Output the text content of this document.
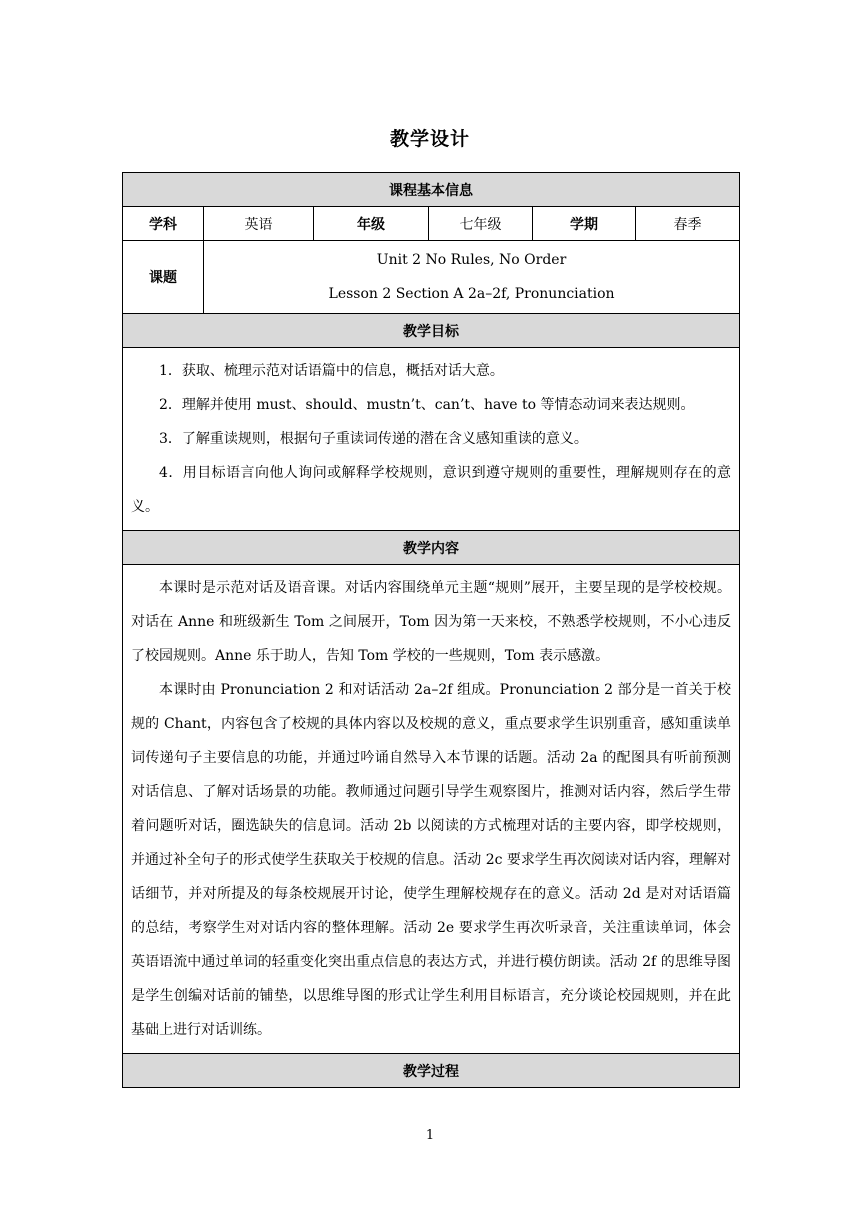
教学设计
课程基本信息					
学科	英语	年级	七年级	学期	春季
课题	Unit 2 No Rules, No Order
Lesson 2 Section A 2a–2f, Pronunciation				

教学目标					

1．获取、梳理示范对话语篇中的信息，概括对话大意。

2．理解并使用 must、should、mustn’t、can’t、have to 等情态动词来表达规则。

3．了解重读规则，根据句子重读词传递的潜在含义感知重读的意义。

4．用目标语言向他人询问或解释学校规则，意识到遵守规则的重要性，理解规则存在的意义。					

教学内容					

本课时是示范对话及语音课。对话内容围绕单元主题“规则”展开，主要呈现的是学校校规。对话在 Anne 和班级新生 Tom 之间展开，Tom 因为第一天来校，不熟悉学校规则，不小心违反了校园规则。Anne 乐于助人，告知 Tom 学校的一些规则，Tom 表示感激。

本课时由 Pronunciation 2 和对话活动 2a–2f 组成。Pronunciation 2 部分是一首关于校规的 Chant，内容包含了校规的具体内容以及校规的意义，重点要求学生识别重音，感知重读单词传递句子主要信息的功能，并通过吟诵自然导入本节课的话题。活动 2a 的配图具有听前预测对话信息、了解对话场景的功能。教师通过问题引导学生观察图片，推测对话内容，然后学生带着问题听对话，圈选缺失的信息词。活动 2b 以阅读的方式梳理对话的主要内容，即学校规则，并通过补全句子的形式使学生获取关于校规的信息。活动 2c 要求学生再次阅读对话内容，理解对话细节，并对所提及的每条校规展开讨论，使学生理解校规存在的意义。活动 2d 是对对话语篇的总结，考察学生对对话内容的整体理解。活动 2e 要求学生再次听录音，关注重读单词，体会英语语流中通过单词的轻重变化突出重点信息的表达方式，并进行模仿朗读。活动 2f 的思维导图是学生创编对话前的铺垫，以思维导图的形式让学生利用目标语言，充分谈论校园规则，并在此基础上进行对话训练。					

教学过程					
1
